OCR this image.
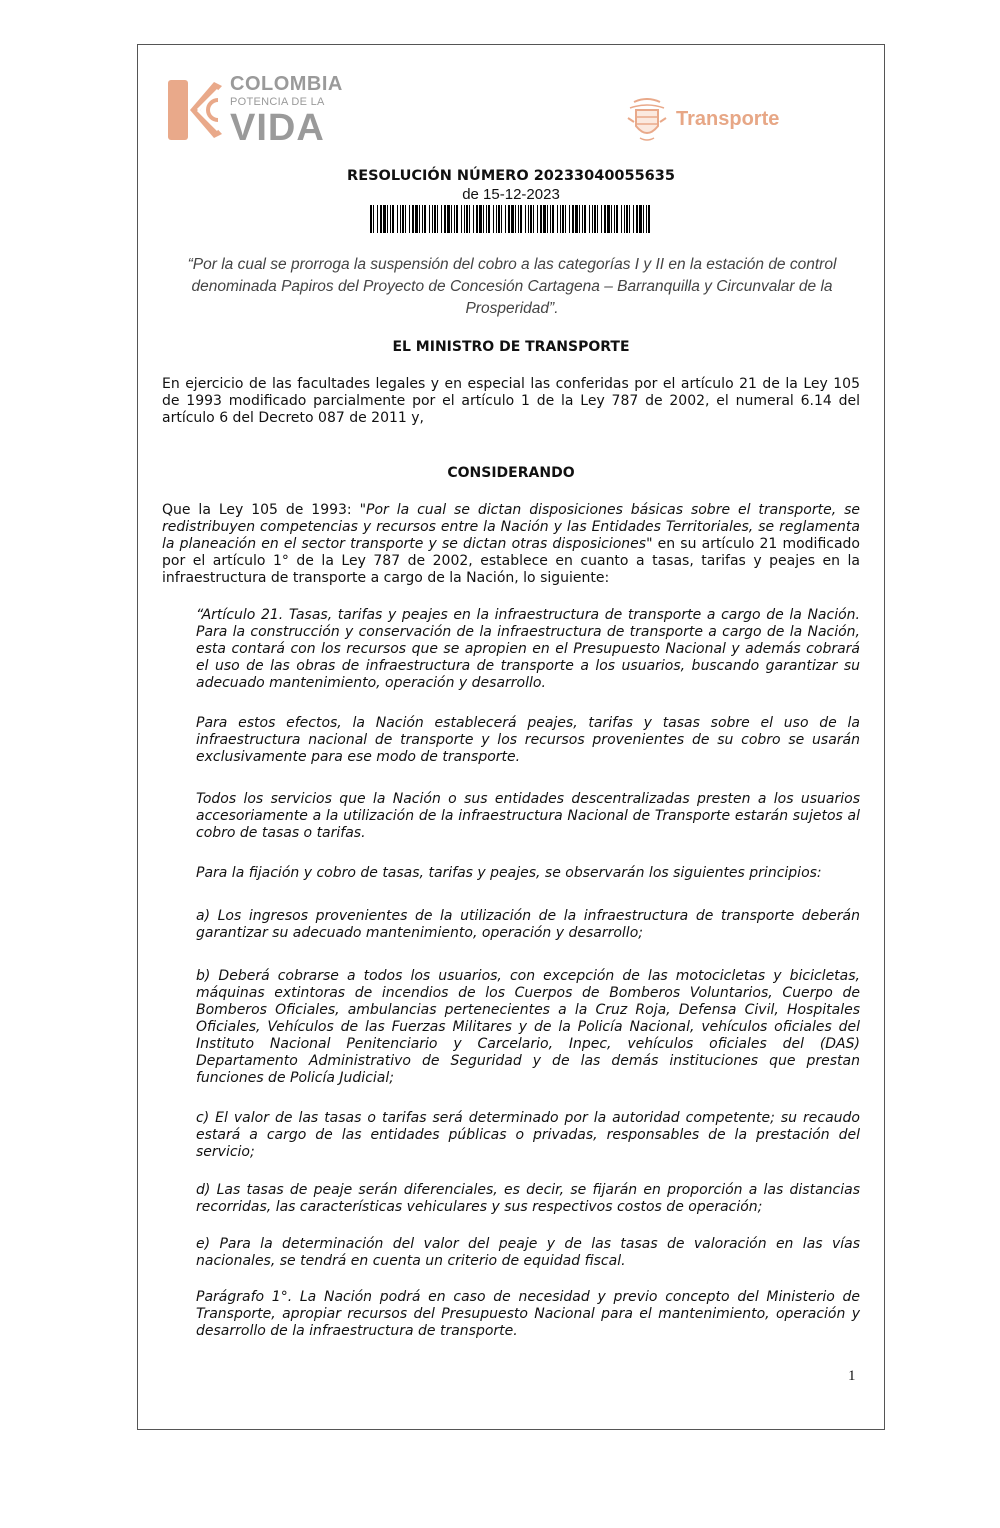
COLOMBIA
POTENCIA DE LA
VIDA	Transporte
RESOLUCIÓN NÚMERO 20233040055635
de 15-12-2023
“Por la cual se prorroga la suspensión del cobro a las categorías I y II en la estación de control denominada Papiros del Proyecto de Concesión Cartagena – Barranquilla y Circunvalar de la Prosperidad”.
EL MINISTRO DE TRANSPORTE
En ejercicio de las facultades legales y en especial las conferidas por el artículo 21 de la Ley 105 de 1993 modificado parcialmente por el artículo 1 de la Ley 787 de 2002, el numeral 6.14 del artículo 6 del Decreto 087 de 2011 y,
CONSIDERANDO
Que la Ley 105 de 1993: "Por la cual se dictan disposiciones básicas sobre el transporte, se redistribuyen competencias y recursos entre la Nación y las Entidades Territoriales, se reglamenta la planeación en el sector transporte y se dictan otras disposiciones" en su artículo 21 modificado por el artículo 1° de la Ley 787 de 2002, establece en cuanto a tasas, tarifas y peajes en la infraestructura de transporte a cargo de la Nación, lo siguiente:
“Artículo 21. Tasas, tarifas y peajes en la infraestructura de transporte a cargo de la Nación. Para la construcción y conservación de la infraestructura de transporte a cargo de la Nación, esta contará con los recursos que se apropien en el Presupuesto Nacional y además cobrará el uso de las obras de infraestructura de transporte a los usuarios, buscando garantizar su adecuado mantenimiento, operación y desarrollo.
Para estos efectos, la Nación establecerá peajes, tarifas y tasas sobre el uso de la infraestructura nacional de transporte y los recursos provenientes de su cobro se usarán exclusivamente para ese modo de transporte.
Todos los servicios que la Nación o sus entidades descentralizadas presten a los usuarios accesoriamente a la utilización de la infraestructura Nacional de Transporte estarán sujetos al cobro de tasas o tarifas.
Para la fijación y cobro de tasas, tarifas y peajes, se observarán los siguientes principios:
a) Los ingresos provenientes de la utilización de la infraestructura de transporte deberán garantizar su adecuado mantenimiento, operación y desarrollo;
b) Deberá cobrarse a todos los usuarios, con excepción de las motocicletas y bicicletas, máquinas extintoras de incendios de los Cuerpos de Bomberos Voluntarios, Cuerpo de Bomberos Oficiales, ambulancias pertenecientes a la Cruz Roja, Defensa Civil, Hospitales Oficiales, Vehículos de las Fuerzas Militares y de la Policía Nacional, vehículos oficiales del Instituto Nacional Penitenciario y Carcelario, Inpec, vehículos oficiales del (DAS) Departamento Administrativo de Seguridad y de las demás instituciones que prestan funciones de Policía Judicial;
c) El valor de las tasas o tarifas será determinado por la autoridad competente; su recaudo estará a cargo de las entidades públicas o privadas, responsables de la prestación del servicio;
d) Las tasas de peaje serán diferenciales, es decir, se fijarán en proporción a las distancias recorridas, las características vehiculares y sus respectivos costos de operación;
e) Para la determinación del valor del peaje y de las tasas de valoración en las vías nacionales, se tendrá en cuenta un criterio de equidad fiscal.
Parágrafo 1°. La Nación podrá en caso de necesidad y previo concepto del Ministerio de Transporte, apropiar recursos del Presupuesto Nacional para el mantenimiento, operación y desarrollo de la infraestructura de transporte.
1
